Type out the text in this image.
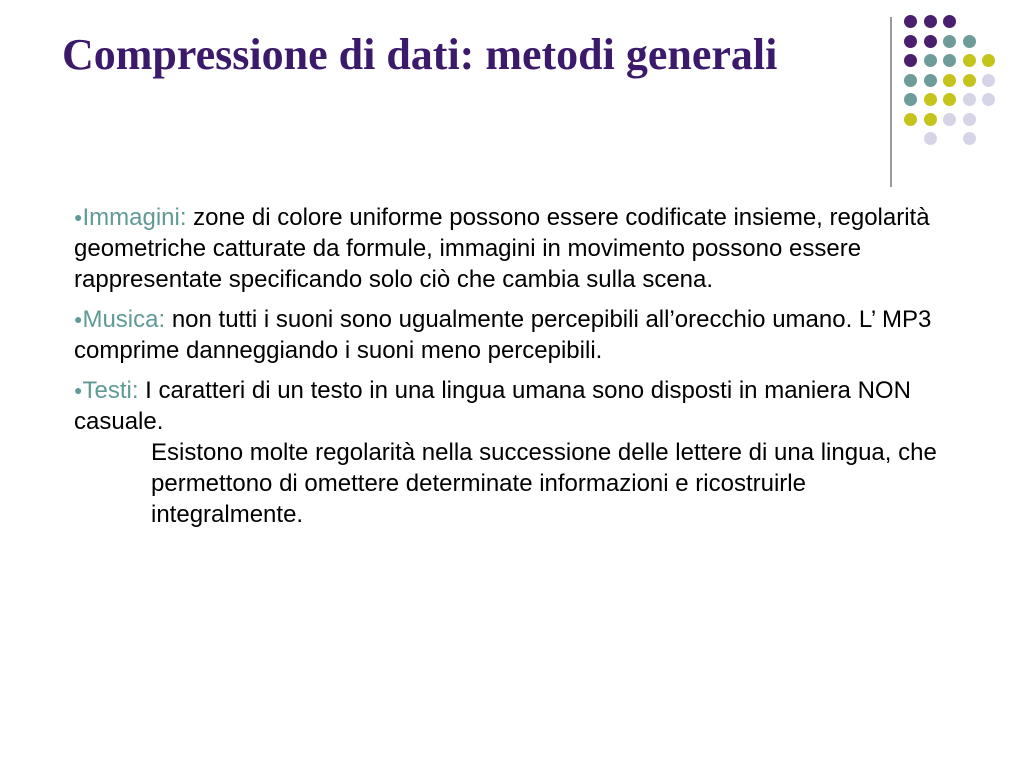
Compressione di dati: metodi generali

●Immagini: zone di colore uniforme possono essere codificate insieme, regolarità geometriche catturate da formule, immagini in movimento possono essere rappresentate specificando solo ciò che cambia sulla scena.

●Musica: non tutti i suoni sono ugualmente percepibili all’orecchio umano. L’ MP3 comprime danneggiando i suoni meno percepibili.

●Testi: I caratteri di un testo in una lingua umana sono disposti in maniera NON casuale.

Esistono molte regolarità nella successione delle lettere di una lingua, che permettono di omettere determinate informazioni e ricostruirle integralmente.
